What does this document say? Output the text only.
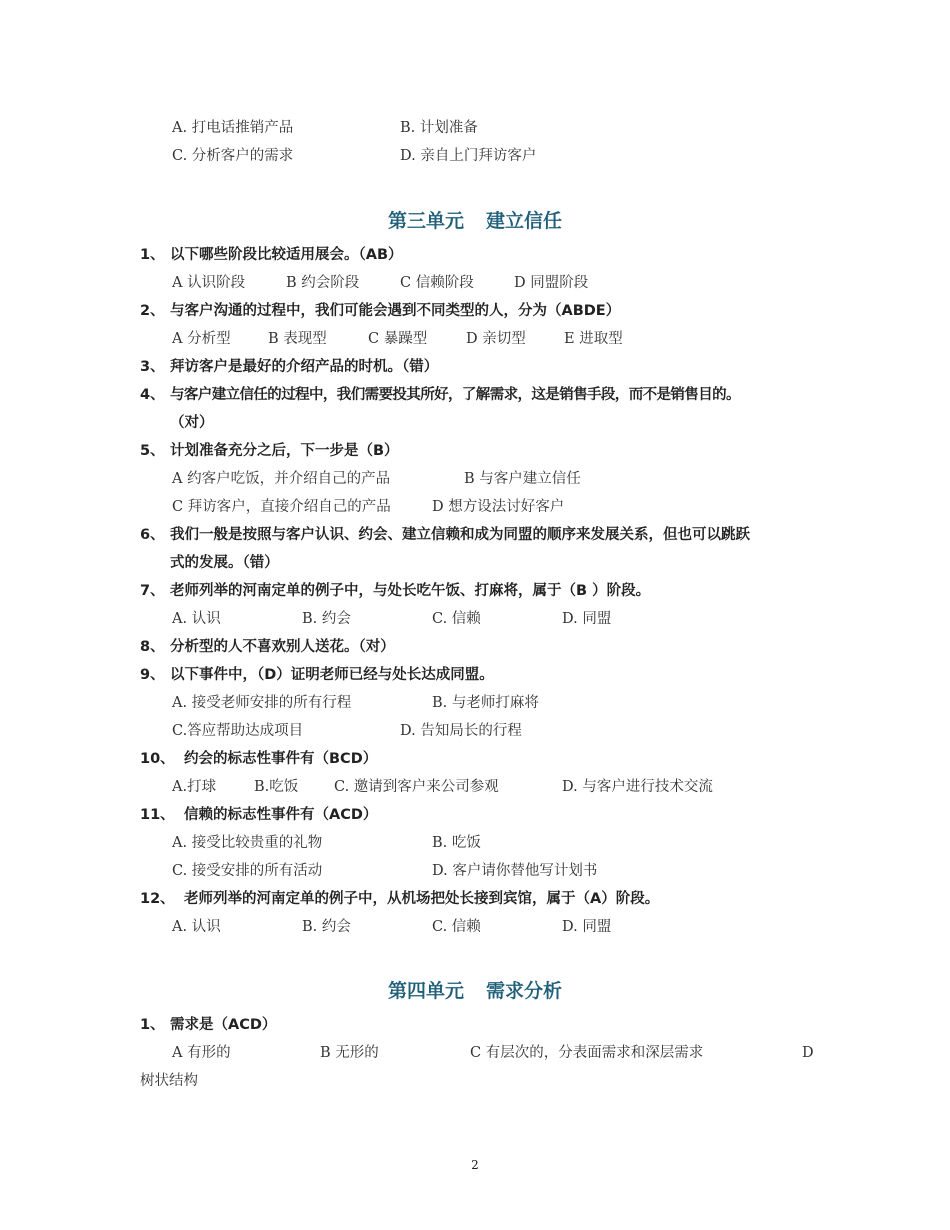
A. 打电话推销产品	B. 计划准备
C. 分析客户的需求	D. 亲自上门拜访客户
第三单元 建立信任
1、 以下哪些阶段比较适用展会。（AB）
A 认识阶段	B 约会阶段	C 信赖阶段	D 同盟阶段
2、 与客户沟通的过程中，我们可能会遇到不同类型的人，分为（ABDE）
A 分析型	B 表现型	C 暴躁型	D 亲切型	E 进取型
3、 拜访客户是最好的介绍产品的时机。（错）
4、 与客户建立信任的过程中，我们需要投其所好，了解需求，这是销售手段，而不是销售目的。
（对）
5、 计划准备充分之后，下一步是（B）
A 约客户吃饭，并介绍自己的产品	B 与客户建立信任
C 拜访客户，直接介绍自己的产品	D 想方设法讨好客户
6、 我们一般是按照与客户认识、约会、建立信赖和成为同盟的顺序来发展关系，但也可以跳跃
式的发展。（错）
7、 老师列举的河南定单的例子中，与处长吃午饭、打麻将，属于（B ）阶段。
A. 认识	B. 约会	C. 信赖	D. 同盟
8、 分析型的人不喜欢别人送花。（对）
9、 以下事件中，（D）证明老师已经与处长达成同盟。
A. 接受老师安排的所有行程	B. 与老师打麻将
C.答应帮助达成项目	D. 告知局长的行程
10、 约会的标志性事件有（BCD）
A.打球	B.吃饭 C. 邀请到客户来公司参观	D. 与客户进行技术交流
11、 信赖的标志性事件有（ACD）
A. 接受比较贵重的礼物	B. 吃饭
C. 接受安排的所有活动	D. 客户请你替他写计划书
12、 老师列举的河南定单的例子中，从机场把处长接到宾馆，属于（A）阶段。
A. 认识	B. 约会	C. 信赖	D. 同盟
第四单元 需求分析
1、 需求是（ACD）
A 有形的	B 无形的	C 有层次的，分表面需求和深层需求	D
树状结构
2
